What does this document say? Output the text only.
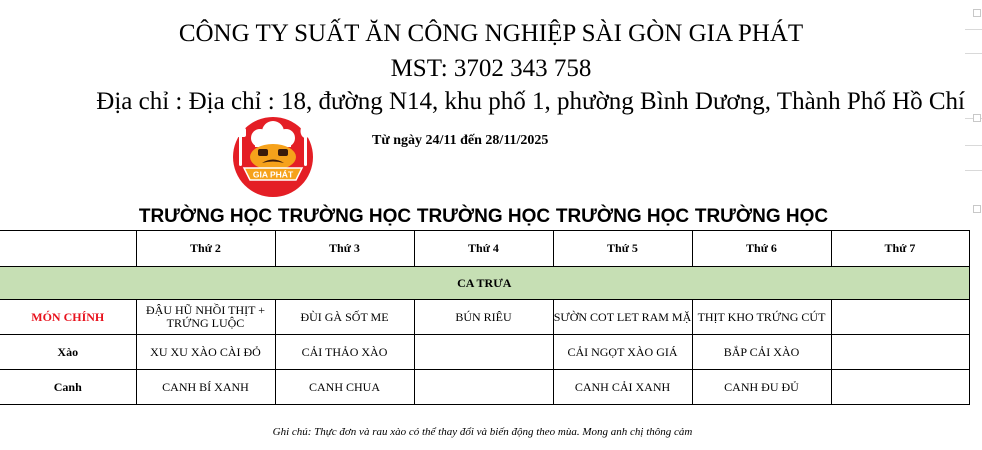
CÔNG TY SUẤT ĂN CÔNG NGHIỆP SÀI GÒN GIA PHÁT
MST: 3702 343 758
Địa chỉ : Địa chỉ : 18, đường N14, khu phố 1, phường Bình Dương, Thành Phố Hồ Chí
Từ ngày 24/11 đến 28/11/2025
GIA PHÁT
TRƯỜNG HỌC TRƯỜNG HỌC TRƯỜNG HỌC TRƯỜNG HỌC TRƯỜNG HỌC
	Thứ 2	Thứ 3	Thứ 4	Thứ 5	Thứ 6	Thứ 7
CA TRƯA						
MÓN CHÍNH	ĐẬU HŨ NHỒI THỊT + TRỨNG LUỘC	ĐÙI GÀ SỐT ME	BÚN RIÊU	SƯỜN COT LET RAM MẶ	THỊT KHO TRỨNG CÚT	
Xào	XU XU XÀO CÀI ĐỎ	CẢI THẢO XÀO		CẢI NGỌT XÀO GIÁ	BẮP CẢI XÀO	
Canh	CANH BÍ XANH	CANH CHUA		CANH CẢI XANH	CANH ĐU ĐỦ	
Ghi chú: Thực đơn và rau xào có thể thay đổi và biến động theo mùa. Mong anh chị thông cảm
